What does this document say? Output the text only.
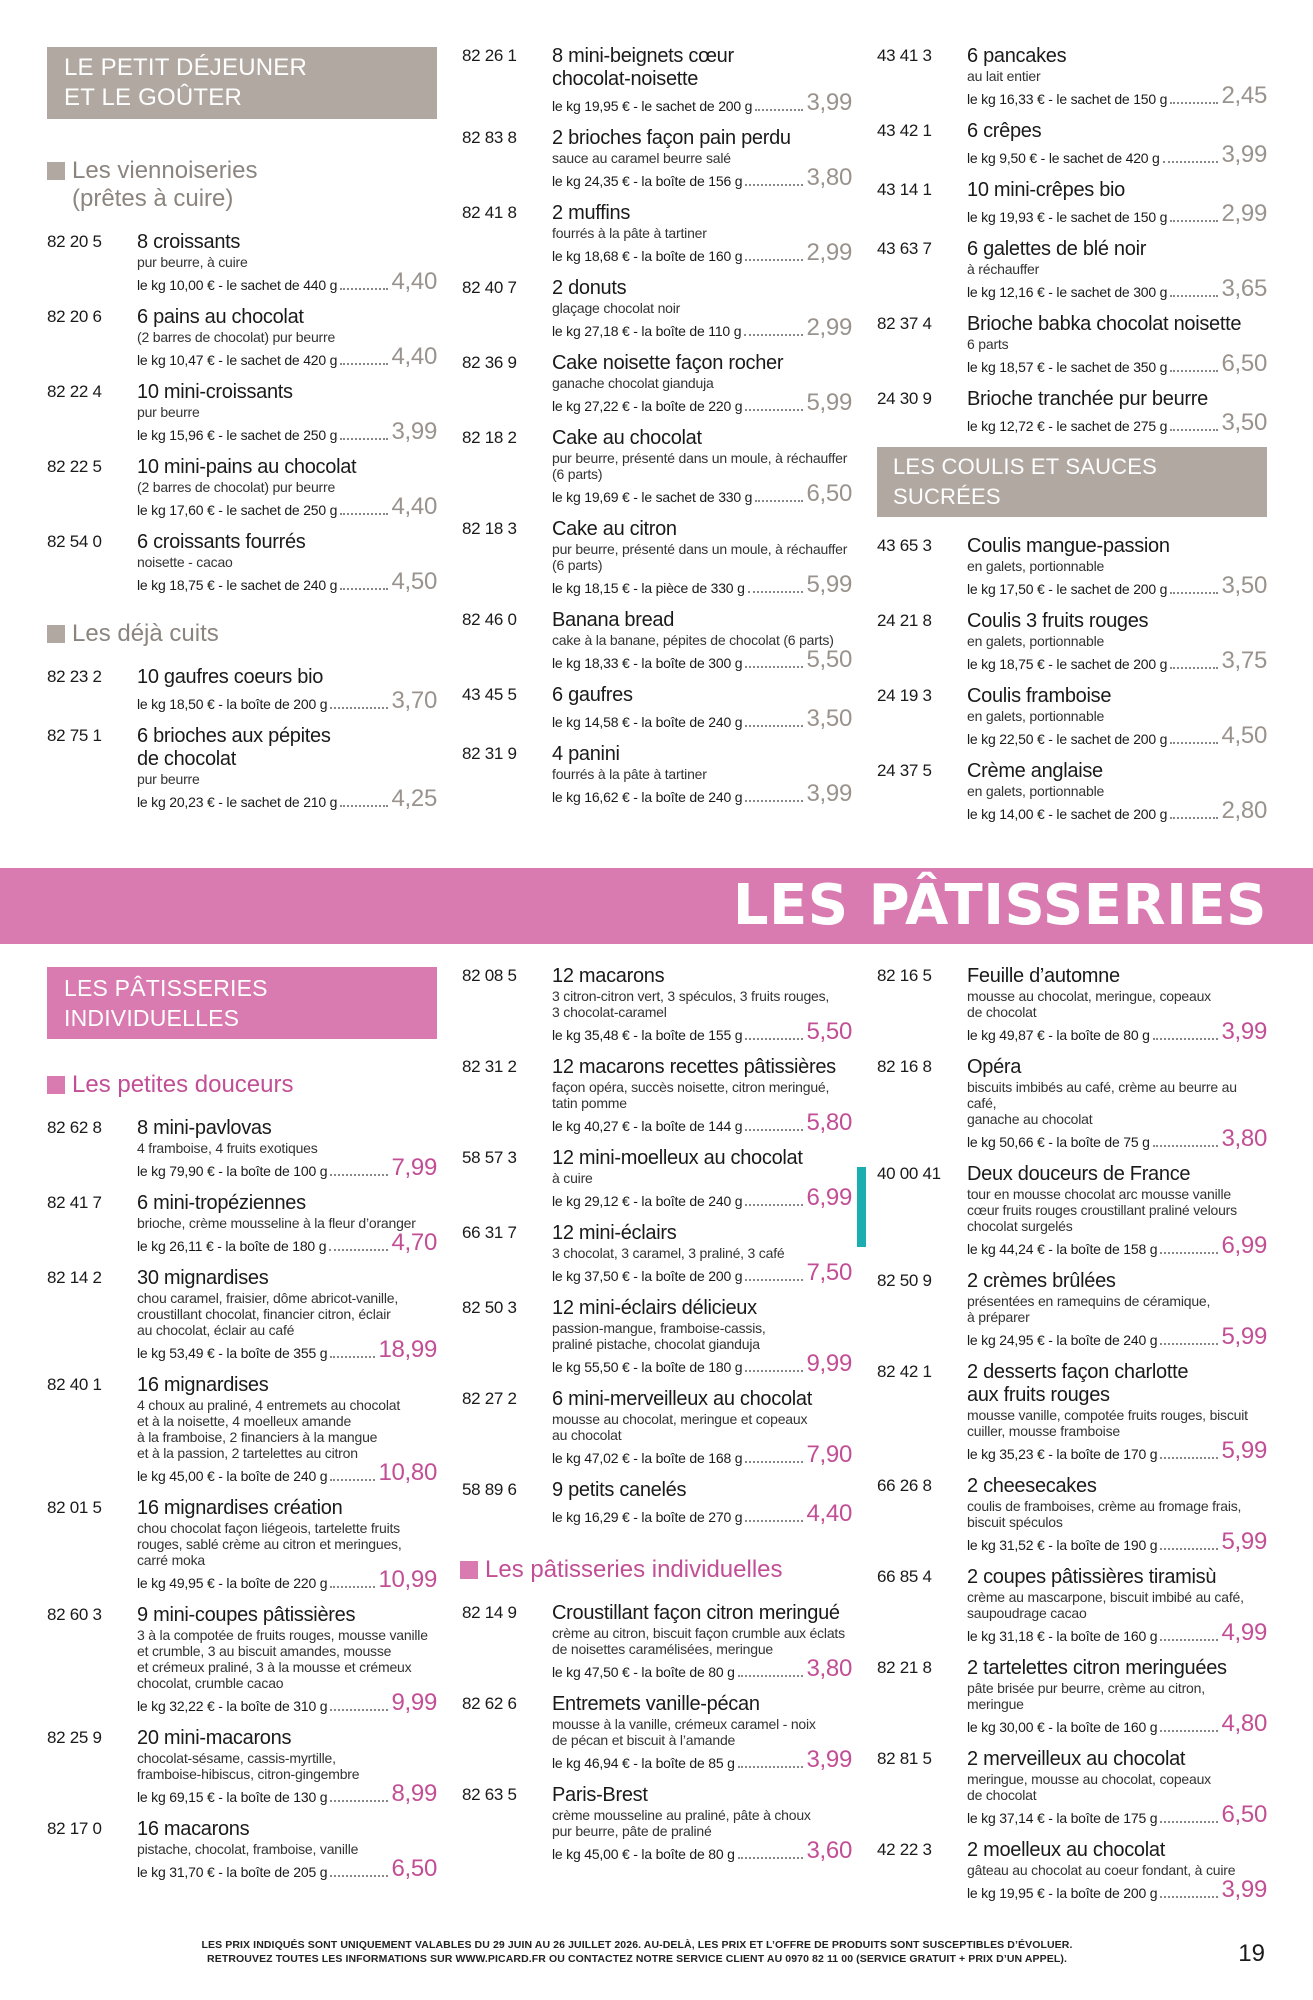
LE PETIT DÉJEUNER
ET LE GOÛTER
Les viennoiseries
(prêtes à cuire)
82 20 5	8 croissants
pur beurre, à cuire
le kg 10,00 € - le sachet de 440 g 4,40
82 20 6	6 pains au chocolat
(2 barres de chocolat) pur beurre
le kg 10,47 € - le sachet de 420 g 4,40
82 22 4	10 mini-croissants
pur beurre
le kg 15,96 € - le sachet de 250 g 3,99
82 22 5	10 mini-pains au chocolat
(2 barres de chocolat) pur beurre
le kg 17,60 € - le sachet de 250 g 4,40
82 54 0	6 croissants fourrés
noisette - cacao
le kg 18,75 € - le sachet de 240 g 4,50
Les déjà cuits
82 23 2	10 gaufres coeurs bio
le kg 18,50 € - la boîte de 200 g	3,70
82 75 1	6 brioches aux pépites
de chocolat
pur beurre
le kg 20,23 € - le sachet de 210 g 4,25
82 26 1	8 mini-beignets cœur
chocolat-noisette
le kg 19,95 € - le sachet de 200 g 3,99
82 83 8	2 brioches façon pain perdu
sauce au caramel beurre salé
le kg 24,35 € - la boîte de 156 g	3,80
82 41 8	2 muffins
fourrés à la pâte à tartiner
le kg 18,68 € - la boîte de 160 g	2,99
82 40 7	2 donuts
glaçage chocolat noir
le kg 27,18 € - la boîte de 110 g	2,99
82 36 9	Cake noisette façon rocher
ganache chocolat gianduja
le kg 27,22 € - la boîte de 220 g	5,99
82 18 2	Cake au chocolat
pur beurre, présenté dans un moule, à réchauffer
(6 parts)
le kg 19,69 € - le sachet de 330 g 6,50
82 18 3	Cake au citron
pur beurre, présenté dans un moule, à réchauffer
(6 parts)
le kg 18,15 € - la pièce de 330 g	5,99
82 46 0	Banana bread
cake à la banane, pépites de chocolat (6 parts)
le kg 18,33 € - la boîte de 300 g	5,50
43 45 5	6 gaufres
le kg 14,58 € - la boîte de 240 g	3,50
82 31 9	4 panini
fourrés à la pâte à tartiner
le kg 16,62 € - la boîte de 240 g	3,99
43 41 3	6 pancakes
au lait entier
le kg 16,33 € - le sachet de 150 g 2,45
43 42 1	6 crêpes
le kg 9,50 € - le sachet de 420 g	3,99
43 14 1	10 mini-crêpes bio
le kg 19,93 € - le sachet de 150 g 2,99
43 63 7	6 galettes de blé noir
à réchauffer
le kg 12,16 € - le sachet de 300 g 3,65
82 37 4	Brioche babka chocolat noisette
6 parts
le kg 18,57 € - le sachet de 350 g 6,50
24 30 9	Brioche tranchée pur beurre
le kg 12,72 € - le sachet de 275 g 3,50
LES COULIS ET SAUCES SUCRÉES
43 65 3	Coulis mangue-passion
en galets, portionnable
le kg 17,50 € - le sachet de 200 g 3,50
24 21 8	Coulis 3 fruits rouges
en galets, portionnable
le kg 18,75 € - le sachet de 200 g 3,75
24 19 3	Coulis framboise
en galets, portionnable
le kg 22,50 € - le sachet de 200 g 4,50
24 37 5	Crème anglaise
en galets, portionnable
le kg 14,00 € - le sachet de 200 g 2,80
LES PÂTISSERIES
LES PÂTISSERIES INDIVIDUELLES
Les petites douceurs
82 62 8	8 mini-pavlovas
4 framboise, 4 fruits exotiques
le kg 79,90 € - la boîte de 100 g	7,99
82 41 7	6 mini-tropéziennes
brioche, crème mousseline à la fleur d’oranger
le kg 26,11 € - la boîte de 180 g	4,70
82 14 2	30 mignardises
chou caramel, fraisier, dôme abricot-vanille,
croustillant chocolat, financier citron, éclair
au chocolat, éclair au café
le kg 53,49 € - la boîte de 355 g 18,99
82 40 1	16 mignardises
4 choux au praliné, 4 entremets au chocolat
et à la noisette, 4 moelleux amande
à la framboise, 2 financiers à la mangue
et à la passion, 2 tartelettes au citron
le kg 45,00 € - la boîte de 240 g 10,80
82 01 5	16 mignardises création
chou chocolat façon liégeois, tartelette fruits
rouges, sablé crème au citron et meringues,
carré moka
le kg 49,95 € - la boîte de 220 g 10,99
82 60 3	9 mini-coupes pâtissières
3 à la compotée de fruits rouges, mousse vanille
et crumble, 3 au biscuit amandes, mousse
et crémeux praliné, 3 à la mousse et crémeux
chocolat, crumble cacao
le kg 32,22 € - la boîte de 310 g	9,99
82 25 9	20 mini-macarons
chocolat-sésame, cassis-myrtille,
framboise-hibiscus, citron-gingembre
le kg 69,15 € - la boîte de 130 g	8,99
82 17 0	16 macarons
pistache, chocolat, framboise, vanille
le kg 31,70 € - la boîte de 205 g	6,50
82 08 5	12 macarons
3 citron-citron vert, 3 spéculos, 3 fruits rouges,
3 chocolat-caramel
le kg 35,48 € - la boîte de 155 g	5,50
82 31 2	12 macarons recettes pâtissières
façon opéra, succès noisette, citron meringué,
tatin pomme
le kg 40,27 € - la boîte de 144 g	5,80
58 57 3	12 mini-moelleux au chocolat
à cuire
le kg 29,12 € - la boîte de 240 g	6,99
66 31 7	12 mini-éclairs
3 chocolat, 3 caramel, 3 praliné, 3 café
le kg 37,50 € - la boîte de 200 g	7,50
82 50 3	12 mini-éclairs délicieux
passion-mangue, framboise-cassis,
praliné pistache, chocolat gianduja
le kg 55,50 € - la boîte de 180 g	9,99
82 27 2	6 mini-merveilleux au chocolat
mousse au chocolat, meringue et copeaux
au chocolat
le kg 47,02 € - la boîte de 168 g	7,90
58 89 6	9 petits canelés
le kg 16,29 € - la boîte de 270 g	4,40
Les pâtisseries individuelles
82 14 9	Croustillant façon citron meringué
crème au citron, biscuit façon crumble aux éclats
de noisettes caramélisées, meringue
le kg 47,50 € - la boîte de 80 g	3,80
82 62 6	Entremets vanille-pécan
mousse à la vanille, crémeux caramel - noix
de pécan et biscuit à l’amande
le kg 46,94 € - la boîte de 85 g	3,99
82 63 5	Paris-Brest
crème mousseline au praliné, pâte à choux
pur beurre, pâte de praliné
le kg 45,00 € - la boîte de 80 g	3,60
82 16 5	Feuille d’automne
mousse au chocolat, meringue, copeaux
de chocolat
le kg 49,87 € - la boîte de 80 g	3,99
82 16 8	Opéra
biscuits imbibés au café, crème au beurre au café,
ganache au chocolat
le kg 50,66 € - la boîte de 75 g	3,80
40 00 41	Deux douceurs de France
tour en mousse chocolat arc mousse vanille
cœur fruits rouges croustillant praliné velours
chocolat surgelés
le kg 44,24 € - la boîte de 158 g	6,99
82 50 9	2 crèmes brûlées
présentées en ramequins de céramique,
à préparer
le kg 24,95 € - la boîte de 240 g	5,99
82 42 1	2 desserts façon charlotte
aux fruits rouges
mousse vanille, compotée fruits rouges, biscuit
cuiller, mousse framboise
le kg 35,23 € - la boîte de 170 g	5,99
66 26 8	2 cheesecakes
coulis de framboises, crème au fromage frais,
biscuit spéculos
le kg 31,52 € - la boîte de 190 g	5,99
66 85 4	2 coupes pâtissières tiramisù
crème au mascarpone, biscuit imbibé au café,
saupoudrage cacao
le kg 31,18 € - la boîte de 160 g	4,99
82 21 8	2 tartelettes citron meringuées
pâte brisée pur beurre, crème au citron,
meringue
le kg 30,00 € - la boîte de 160 g	4,80
82 81 5	2 merveilleux au chocolat
meringue, mousse au chocolat, copeaux
de chocolat
le kg 37,14 € - la boîte de 175 g	6,50
42 22 3	2 moelleux au chocolat
gâteau au chocolat au coeur fondant, à cuire
le kg 19,95 € - la boîte de 200 g	3,99
LES PRIX INDIQUÉS SONT UNIQUEMENT VALABLES DU 29 JUIN AU 26 JUILLET 2026. AU-DELÀ, LES PRIX ET L’OFFRE DE PRODUITS SONT SUSCEPTIBLES D’ÉVOLUER.
RETROUVEZ TOUTES LES INFORMATIONS SUR WWW.PICARD.FR OU CONTACTEZ NOTRE SERVICE CLIENT AU 0970 82 11 00 (SERVICE GRATUIT + PRIX D’UN APPEL).	19
